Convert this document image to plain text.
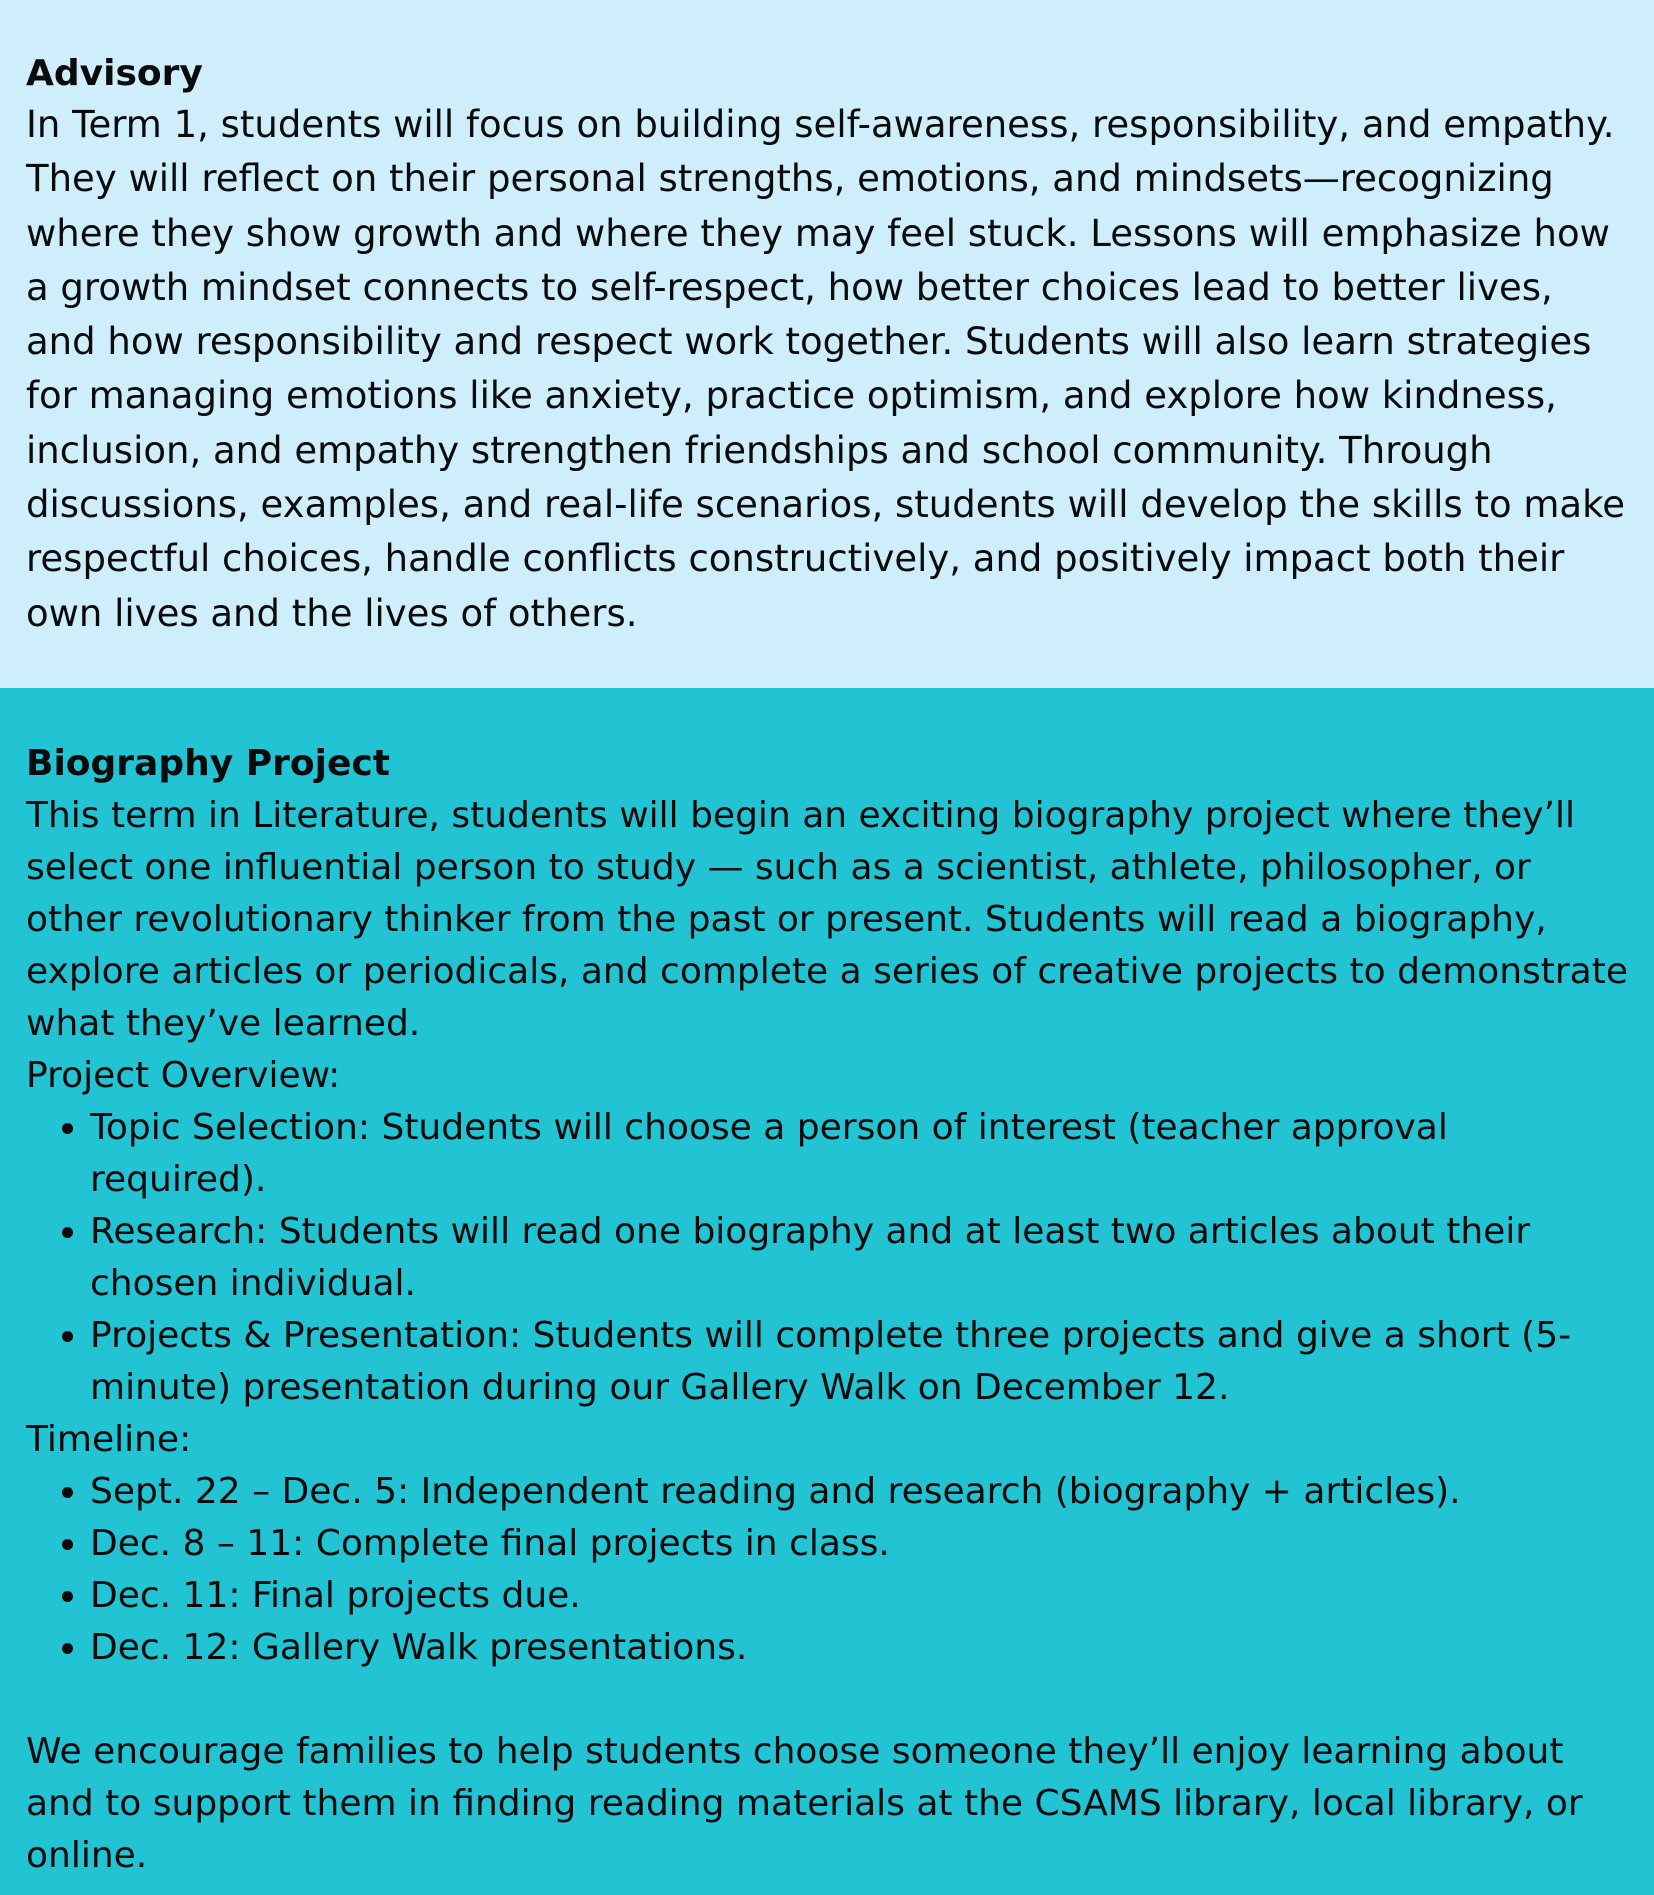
Advisory

In Term 1, students will focus on building self-awareness, responsibility, and empathy. They will reflect on their personal strengths, emotions, and mindsets—recognizing where they show growth and where they may feel stuck. Lessons will emphasize how a growth mindset connects to self-respect, how better choices lead to better lives, and how responsibility and respect work together. Students will also learn strategies for managing emotions like anxiety, practice optimism, and explore how kindness, inclusion, and empathy strengthen friendships and school community. Through discussions, examples, and real-life scenarios, students will develop the skills to make respectful choices, handle conflicts constructively, and positively impact both their own lives and the lives of others.

Biography Project

This term in Literature, students will begin an exciting biography project where they’ll select one influential person to study — such as a scientist, athlete, philosopher, or other revolutionary thinker from the past or present. Students will read a biography, explore articles or periodicals, and complete a series of creative projects to demonstrate what they’ve learned.

Project Overview:

• Topic Selection: Students will choose a person of interest (teacher approval required).
• Research: Students will read one biography and at least two articles about their chosen individual.
• Projects & Presentation: Students will complete three projects and give a short (5-minute) presentation during our Gallery Walk on December 12.

Timeline:

• Sept. 22 – Dec. 5: Independent reading and research (biography + articles).
• Dec. 8 – 11: Complete final projects in class.
• Dec. 11: Final projects due.
• Dec. 12: Gallery Walk presentations.

We encourage families to help students choose someone they’ll enjoy learning about and to support them in finding reading materials at the CSAMS library, local library, or online.
